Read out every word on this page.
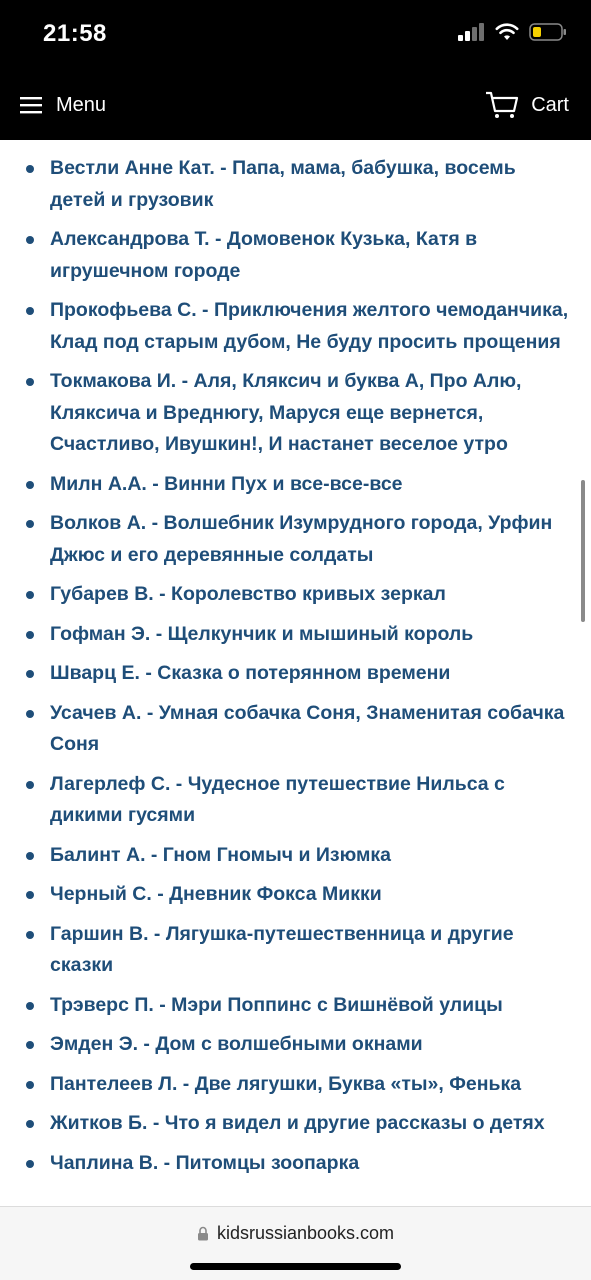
21:58
Menu	Cart
Вестли Анне Кат. - Папа, мама, бабушка, восемь детей и грузовик
Александрова Т. - Домовенок Кузька, Катя в игрушечном городе
Прокофьева С. - Приключения желтого чемоданчика, Клад под старым дубом, Не буду просить прощения
Токмакова И. - Аля, Кляксич и буква А, Про Алю, Кляксича и Вреднюгу, Маруся еще вернется, Счастливо, Ивушкин!, И настанет веселое утро
Милн А.А. - Винни Пух и все-все-все
Волков А. - Волшебник Изумрудного города, Урфин Джюс и его деревянные солдаты
Губарев В. - Королевство кривых зеркал
Гофман Э. - Щелкунчик и мышиный король
Шварц Е. - Сказка о потерянном времени
Усачев А. - Умная собачка Соня, Знаменитая собачка Соня
Лагерлеф С. - Чудесное путешествие Нильса с дикими гусями
Балинт А. - Гном Гномыч и Изюмка
Черный С. - Дневник Фокса Микки
Гаршин В. - Лягушка-путешественница и другие сказки
Трэверс П. - Мэри Поппинс с Вишнёвой улицы
Эмден Э. - Дом с волшебными окнами
Пантелеев Л. - Две лягушки, Буква «ты», Фенька
Житков Б. - Что я видел и другие рассказы о детях
Чаплина В. - Питомцы зоопарка
kidsrussianbooks.com
